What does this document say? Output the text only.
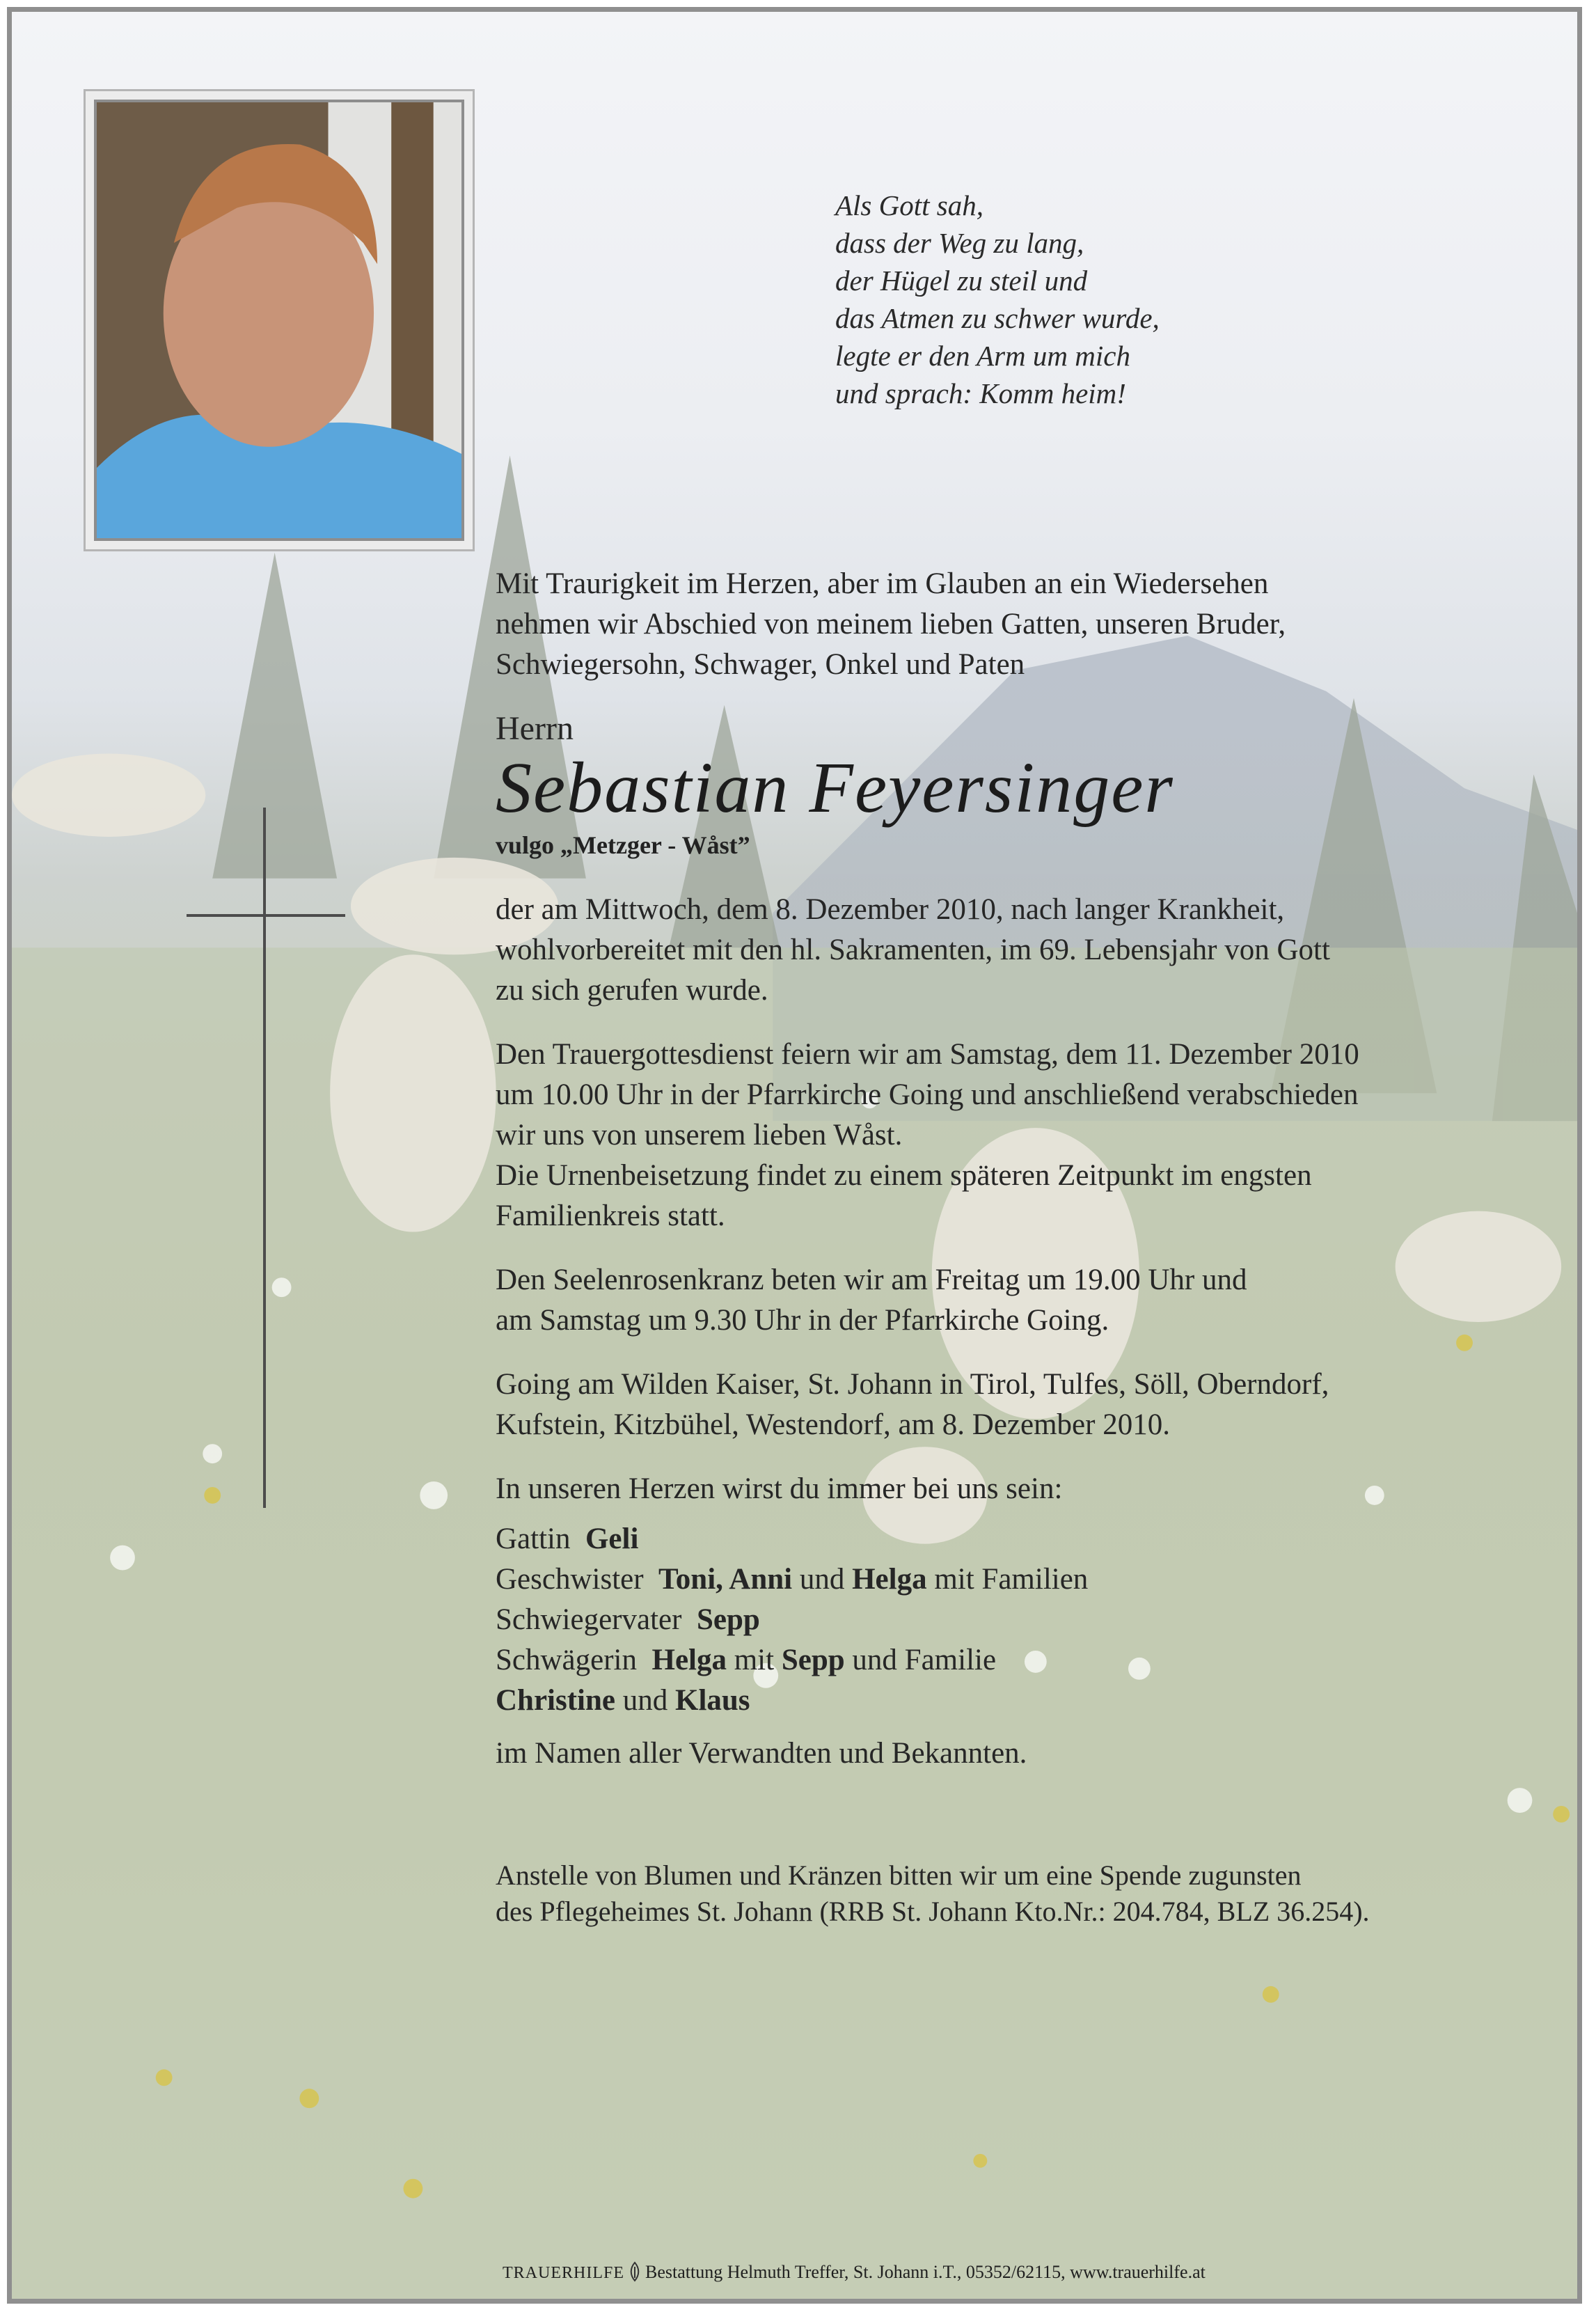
Als Gott sah,
dass der Weg zu lang,
der Hügel zu steil und
das Atmen zu schwer wurde,
legte er den Arm um mich
und sprach: Komm heim!
Mit Traurigkeit im Herzen, aber im Glauben an ein Wiedersehen
nehmen wir Abschied von meinem lieben Gatten, unseren Bruder,
Schwiegersohn, Schwager, Onkel und Paten
Herrn
Sebastian Feyersinger
vulgo „Metzger - Wåst”
der am Mittwoch, dem 8. Dezember 2010, nach langer Krankheit,
wohlvorbereitet mit den hl. Sakramenten, im 69. Lebensjahr von Gott
zu sich gerufen wurde.
Den Trauergottesdienst feiern wir am Samstag, dem 11. Dezember 2010
um 10.00 Uhr in der Pfarrkirche Going und anschließend verabschieden
wir uns von unserem lieben Wåst.
Die Urnenbeisetzung findet zu einem späteren Zeitpunkt im engsten
Familienkreis statt.
Den Seelenrosenkranz beten wir am Freitag um 19.00 Uhr und
am Samstag um 9.30 Uhr in der Pfarrkirche Going.
Going am Wilden Kaiser, St. Johann in Tirol, Tulfes, Söll, Oberndorf,
Kufstein, Kitzbühel, Westendorf, am 8. Dezember 2010.
In unseren Herzen wirst du immer bei uns sein:
Gattin Geli
Geschwister Toni, Anni und Helga mit Familien
Schwiegervater Sepp
Schwägerin Helga mit Sepp und Familie
Christine und Klaus
im Namen aller Verwandten und Bekannten.
Anstelle von Blumen und Kränzen bitten wir um eine Spende zugunsten
des Pflegeheimes St. Johann (RRB St. Johann Kto.Nr.: 204.784, BLZ 36.254).
TRAUERHILFE Bestattung Helmuth Treffer, St. Johann i.T., 05352/62115, www.trauerhilfe.at
